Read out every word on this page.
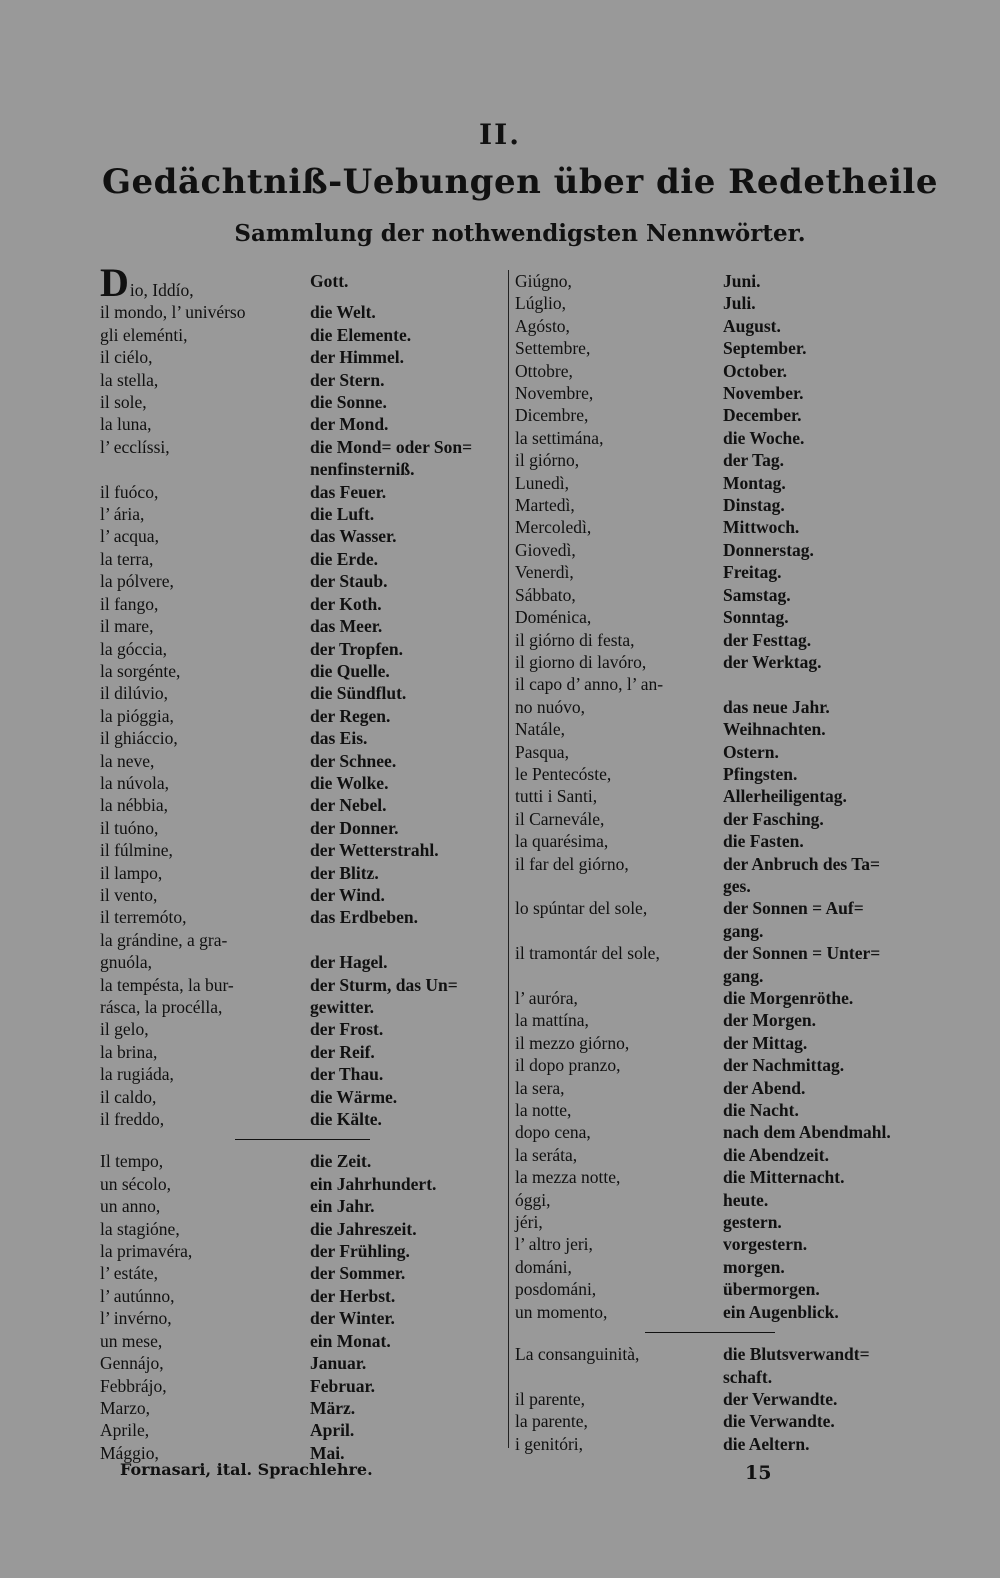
II.
Gedächtniß-Uebungen über die Redetheile
Sammlung der nothwendigsten Nennwörter.
Dio, Iddío,	Gott.
il mondo, l’ univérso	die Welt.
gli eleménti,	die Elemente.
il ciélo,	der Himmel.
la stella,	der Stern.
il sole,	die Sonne.
la luna,	der Mond.
l’ ecclíssi,	die Mond= oder Son=
nenfinsterniß.
il fuóco,	das Feuer.
l’ ária,	die Luft.
l’ acqua,	das Wasser.
la terra,	die Erde.
la pólvere,	der Staub.
il fango,	der Koth.
il mare,	das Meer.
la góccia,	der Tropfen.
la sorgénte,	die Quelle.
il dilúvio,	die Sündflut.
la pióggia,	der Regen.
il ghiáccio,	das Eis.
la neve,	der Schnee.
la núvola,	die Wolke.
la nébbia,	der Nebel.
il tuóno,	der Donner.
il fúlmine,	der Wetterstrahl.
il lampo,	der Blitz.
il vento,	der Wind.
il terremóto,	das Erdbeben.
la grándine, a gra-
gnuóla,	der Hagel.
la tempésta, la bur-	der Sturm, das Un=
rásca, la procélla,	gewitter.
il gelo,	der Frost.
la brina,	der Reif.
la rugiáda,	der Thau.
il caldo,	die Wärme.
il freddo,	die Kälte.
Il tempo,	die Zeit.
un sécolo,	ein Jahrhundert.
un anno,	ein Jahr.
la stagióne,	die Jahreszeit.
la primavéra,	der Frühling.
l’ estáte,	der Sommer.
l’ autúnno,	der Herbst.
l’ invérno,	der Winter.
un mese,	ein Monat.
Gennájo,	Januar.
Febbrájo,	Februar.
Marzo,	März.
Aprile,	April.
Mággio,	Mai.
Giúgno,	Juni.
Lúglio,	Juli.
Agósto,	August.
Settembre,	September.
Ottobre,	October.
Novembre,	November.
Dicembre,	December.
la settimána,	die Woche.
il giórno,	der Tag.
Lunedì,	Montag.
Martedì,	Dinstag.
Mercoledì,	Mittwoch.
Giovedì,	Donnerstag.
Venerdì,	Freitag.
Sábbato,	Samstag.
Doménica,	Sonntag.
il giórno di festa,	der Festtag.
il giorno di lavóro,	der Werktag.
il capo d’ anno, l’ an-
no nuóvo,	das neue Jahr.
Natále,	Weihnachten.
Pasqua,	Ostern.
le Pentecóste,	Pfingsten.
tutti i Santi,	Allerheiligentag.
il Carnevále,	der Fasching.
la quarésima,	die Fasten.
il far del giórno,	der Anbruch des Ta=
ges.
lo spúntar del sole,	der Sonnen = Auf=
gang.
il tramontár del sole,	der Sonnen = Unter=
gang.
l’ auróra,	die Morgenröthe.
la mattína,	der Morgen.
il mezzo giórno,	der Mittag.
il dopo pranzo,	der Nachmittag.
la sera,	der Abend.
la notte,	die Nacht.
dopo cena,	nach dem Abendmahl.
la seráta,	die Abendzeit.
la mezza notte,	die Mitternacht.
óggi,	heute.
jéri,	gestern.
l’ altro jeri,	vorgestern.
dománi,	morgen.
posdománi,	übermorgen.
un momento,	ein Augenblick.
La consanguinità,	die Blutsverwandt=
schaft.
il parente,	der Verwandte.
la parente,	die Verwandte.
i genitóri,	die Aeltern.
Fornasari, ital. Sprachlehre.	15
